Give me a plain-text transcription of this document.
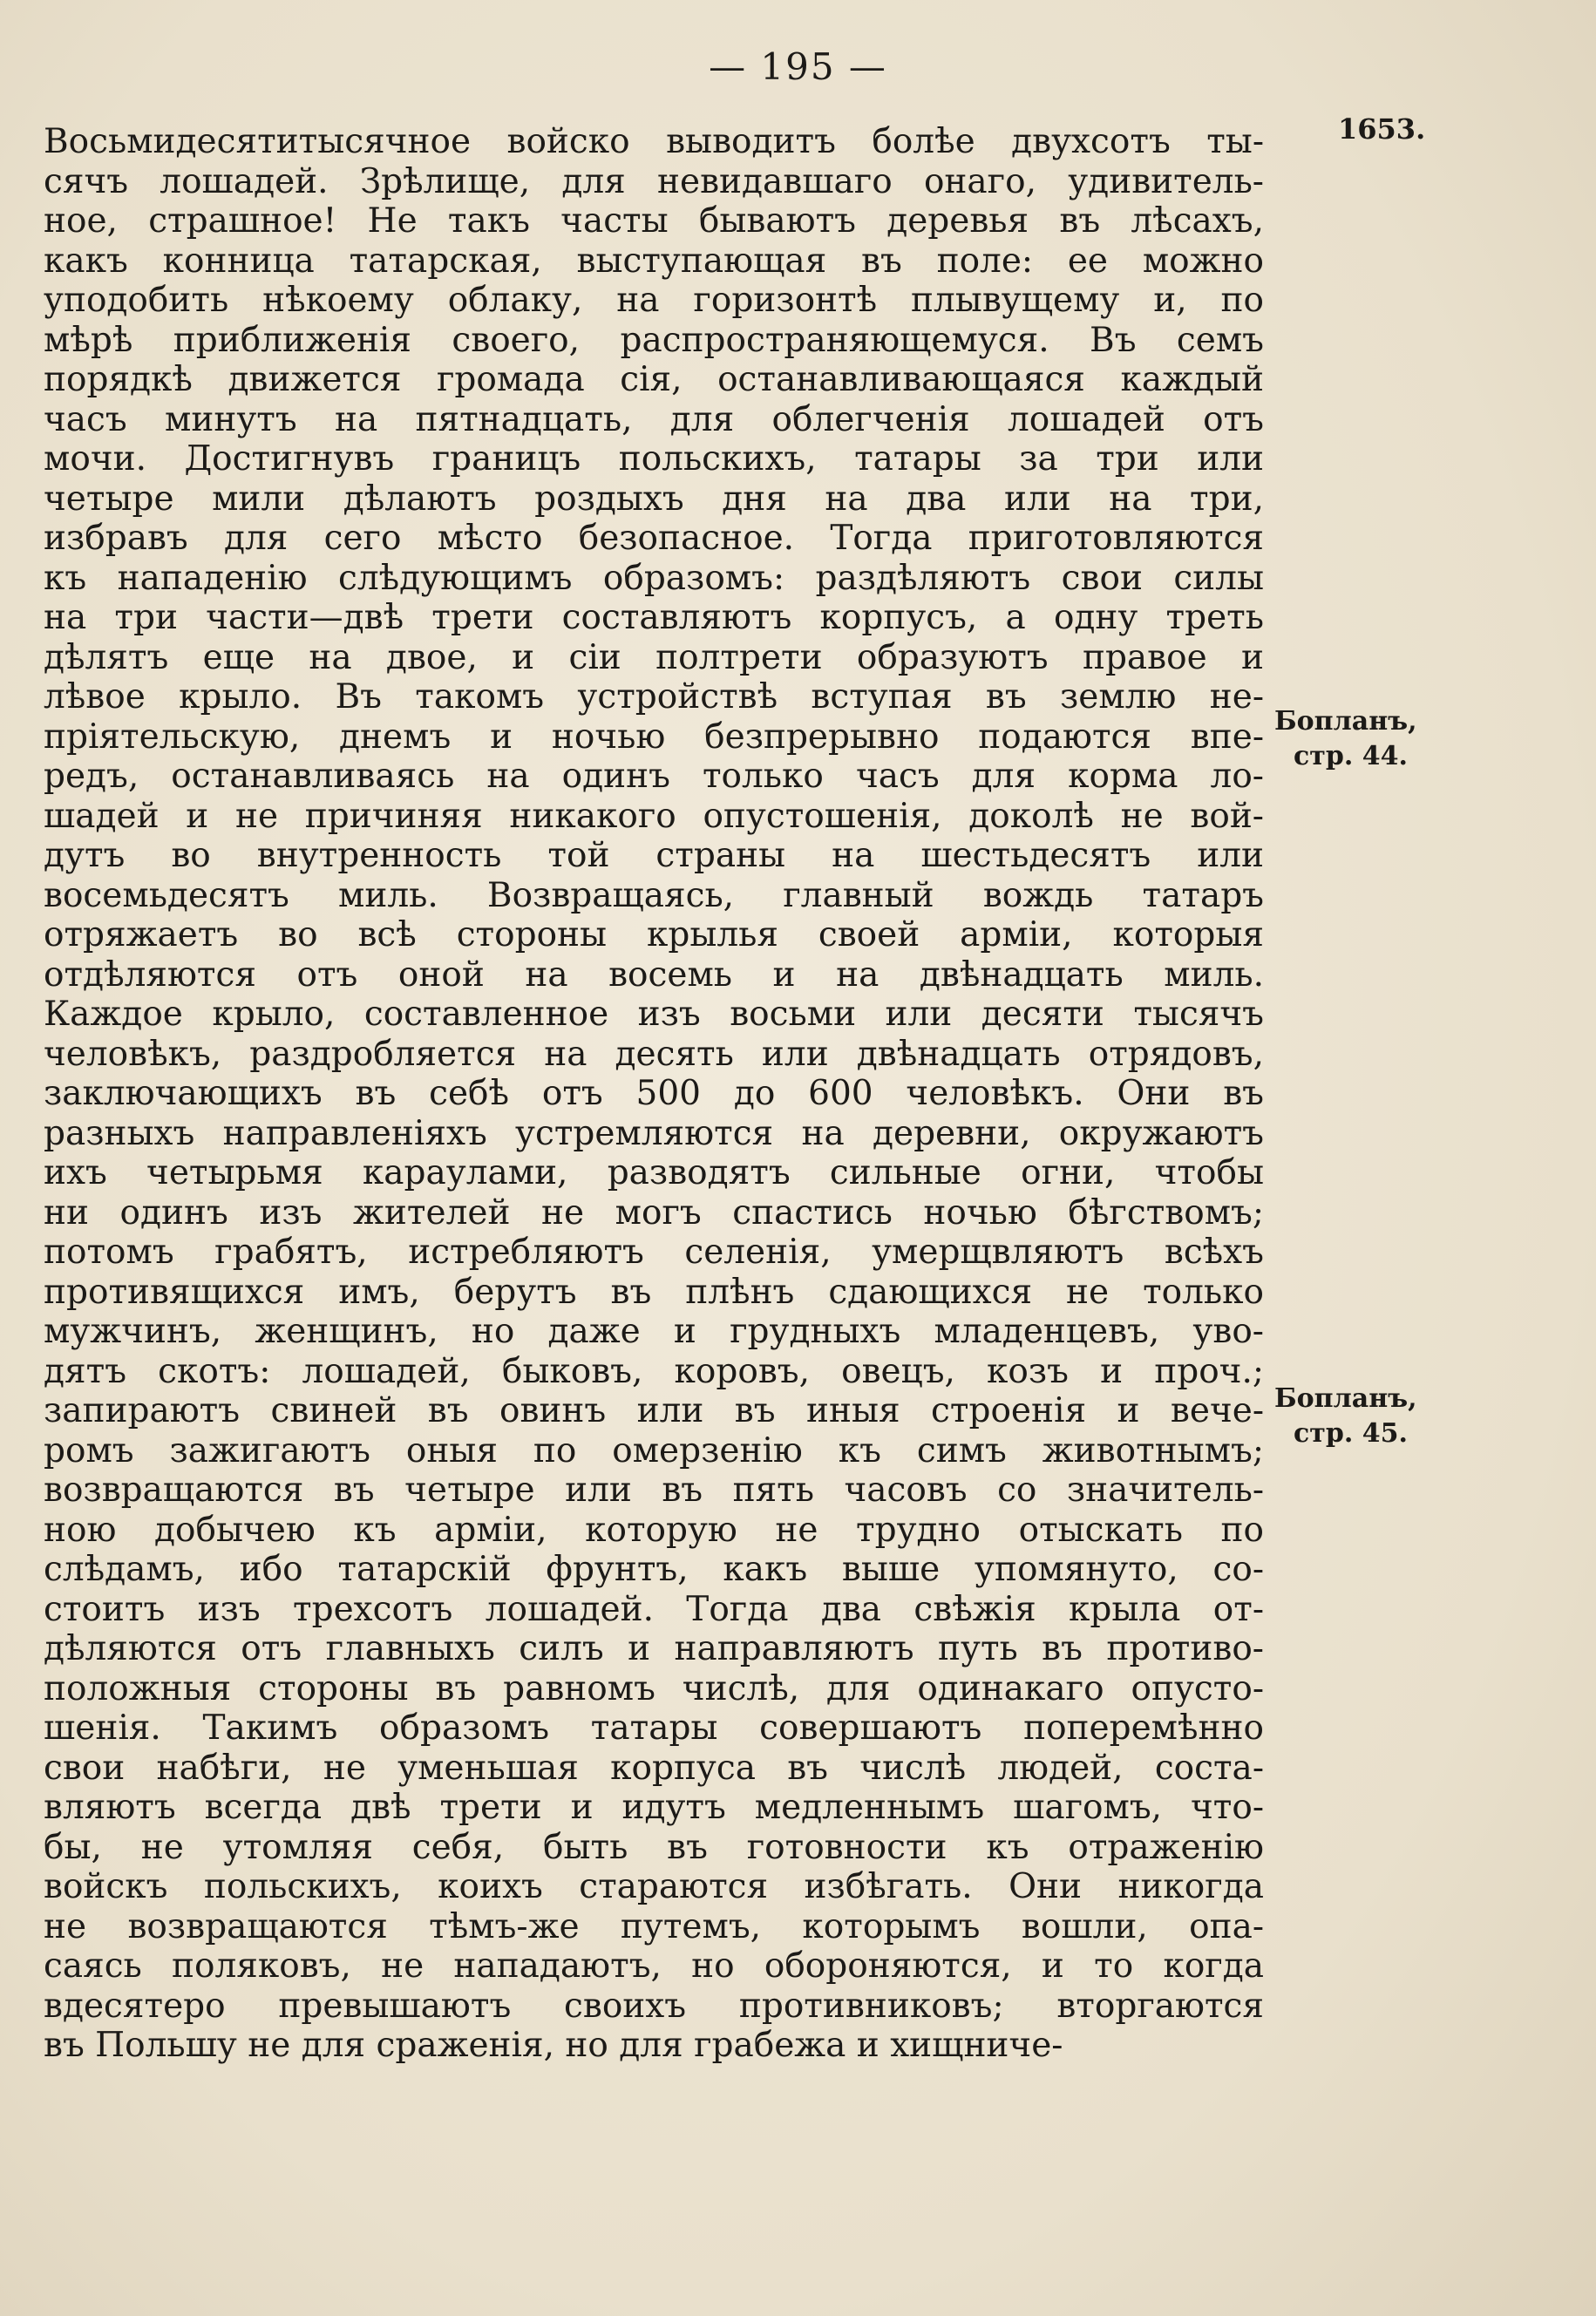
— 195 —
1653.
Бопланъ,
стр. 44.
Бопланъ,
стр. 45.
Восьмидесятитысячное войско выводитъ болѣе двухсотъ ты-
сячъ лошадей. Зрѣлище, для невидавшаго онаго, удивитель-
ное, страшное! Не такъ часты бываютъ деревья въ лѣсахъ,
какъ конница татарская, выступающая въ поле: ее можно
уподобить нѣкоему облаку, на горизонтѣ плывущему и, по
мѣрѣ приближенія своего, распространяющемуся. Въ семъ
порядкѣ движется громада сія, останавливающаяся каждый
часъ минутъ на пятнадцать, для облегченія лошадей отъ
мочи. Достигнувъ границъ польскихъ, татары за три или
четыре мили дѣлаютъ роздыхъ дня на два или на три,
избравъ для сего мѣсто безопасное. Тогда приготовляются
къ нападенію слѣдующимъ образомъ: раздѣляютъ свои силы
на три части—двѣ трети составляютъ корпусъ, а одну треть
дѣлятъ еще на двое, и сіи полтрети образуютъ правое и
лѣвое крыло. Въ такомъ устройствѣ вступая въ землю не-
пріятельскую, днемъ и ночью безпрерывно подаются впе-
редъ, останавливаясь на одинъ только часъ для корма ло-
шадей и не причиняя никакого опустошенія, доколѣ не вой-
дутъ во внутренность той страны на шестьдесятъ или
восемьдесятъ миль. Возвращаясь, главный вождь татаръ
отряжаетъ во всѣ стороны крылья своей арміи, которыя
отдѣляются отъ оной на восемь и на двѣнадцать миль.
Каждое крыло, составленное изъ восьми или десяти тысячъ
человѣкъ, раздробляется на десять или двѣнадцать отрядовъ,
заключающихъ въ себѣ отъ 500 до 600 человѣкъ. Они въ
разныхъ направленіяхъ устремляются на деревни, окружаютъ
ихъ четырьмя караулами, разводятъ сильные огни, чтобы
ни одинъ изъ жителей не могъ спастись ночью бѣгствомъ;
потомъ грабятъ, истребляютъ селенія, умерщвляютъ всѣхъ
противящихся имъ, берутъ въ плѣнъ сдающихся не только
мужчинъ, женщинъ, но даже и грудныхъ младенцевъ, уво-
дятъ скотъ: лошадей, быковъ, коровъ, овецъ, козъ и проч.;
запираютъ свиней въ овинъ или въ иныя строенія и вече-
ромъ зажигаютъ оныя по омерзенію къ симъ животнымъ;
возвращаются въ четыре или въ пять часовъ со значитель-
ною добычею къ арміи, которую не трудно отыскать по
слѣдамъ, ибо татарскій фрунтъ, какъ выше упомянуто, со-
стоитъ изъ трехсотъ лошадей. Тогда два свѣжія крыла от-
дѣляются отъ главныхъ силъ и направляютъ путь въ противо-
положныя стороны въ равномъ числѣ, для одинакаго опусто-
шенія. Такимъ образомъ татары совершаютъ поперемѣнно
свои набѣги, не уменьшая корпуса въ числѣ людей, соста-
вляютъ всегда двѣ трети и идутъ медленнымъ шагомъ, что-
бы, не утомляя себя, быть въ готовности къ отраженію
войскъ польскихъ, коихъ стараются избѣгать. Они никогда
не возвращаются тѣмъ-же путемъ, которымъ вошли, опа-
саясь поляковъ, не нападаютъ, но обороняются, и то когда
вдесятеро превышаютъ своихъ противниковъ; вторгаются
въ Польшу не для сраженія, но для грабежа и хищниче-
